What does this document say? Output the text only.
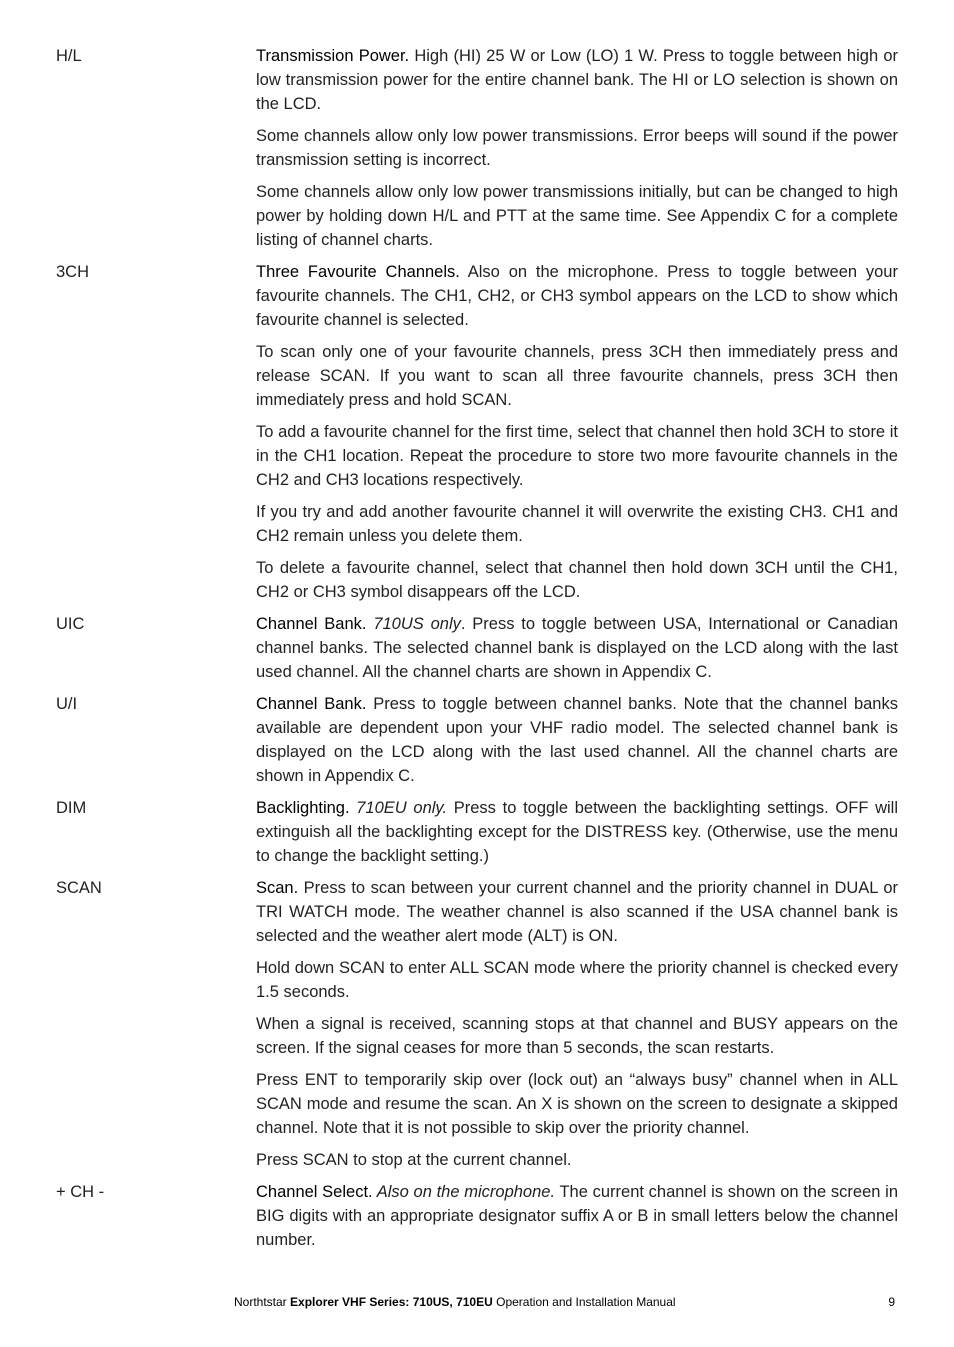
H/L	Transmission Power. High (HI) 25 W or Low (LO) 1 W. Press to toggle between high or low transmission power for the entire channel bank. The HI or LO selection is shown on the LCD.

Some channels allow only low power transmissions. Error beeps will sound if the power transmission setting is incorrect.

Some channels allow only low power transmissions initially, but can be changed to high power by holding down H/L and PTT at the same time. See Appendix C for a complete listing of channel charts.

3CH	Three Favourite Channels. Also on the microphone. Press to toggle between your favourite channels. The CH1, CH2, or CH3 symbol appears on the LCD to show which favourite channel is selected.

To scan only one of your favourite channels, press 3CH then immediately press and release SCAN. If you want to scan all three favourite channels, press 3CH then immediately press and hold SCAN.

To add a favourite channel for the first time, select that channel then hold 3CH to store it in the CH1 location. Repeat the procedure to store two more favourite channels in the CH2 and CH3 locations respectively.

If you try and add another favourite channel it will overwrite the existing CH3. CH1 and CH2 remain unless you delete them.

To delete a favourite channel, select that channel then hold down 3CH until the CH1, CH2 or CH3 symbol disappears off the LCD.

UIC	Channel Bank. 710US only. Press to toggle between USA, International or Canadian channel banks. The selected channel bank is displayed on the LCD along with the last used channel. All the channel charts are shown in Appendix C.

U/I	Channel Bank. Press to toggle between channel banks. Note that the channel banks available are dependent upon your VHF radio model. The selected channel bank is displayed on the LCD along with the last used channel. All the channel charts are shown in Appendix C.

DIM	Backlighting. 710EU only. Press to toggle between the backlighting settings. OFF will extinguish all the backlighting except for the DISTRESS key. (Otherwise, use the menu to change the backlight setting.)

SCAN	Scan. Press to scan between your current channel and the priority channel in DUAL or TRI WATCH mode. The weather channel is also scanned if the USA channel bank is selected and the weather alert mode (ALT) is ON.

Hold down SCAN to enter ALL SCAN mode where the priority channel is checked every 1.5 seconds.

When a signal is received, scanning stops at that channel and BUSY appears on the screen. If the signal ceases for more than 5 seconds, the scan restarts.

Press ENT to temporarily skip over (lock out) an “always busy” channel when in ALL SCAN mode and resume the scan. An X is shown on the screen to designate a skipped channel. Note that it is not possible to skip over the priority channel.

Press SCAN to stop at the current channel.

+ CH -	Channel Select. Also on the microphone. The current channel is shown on the screen in BIG digits with an appropriate designator suffix A or B in small letters below the channel number.

Northtstar Explorer VHF Series: 710US, 710EU Operation and Installation Manual	9
